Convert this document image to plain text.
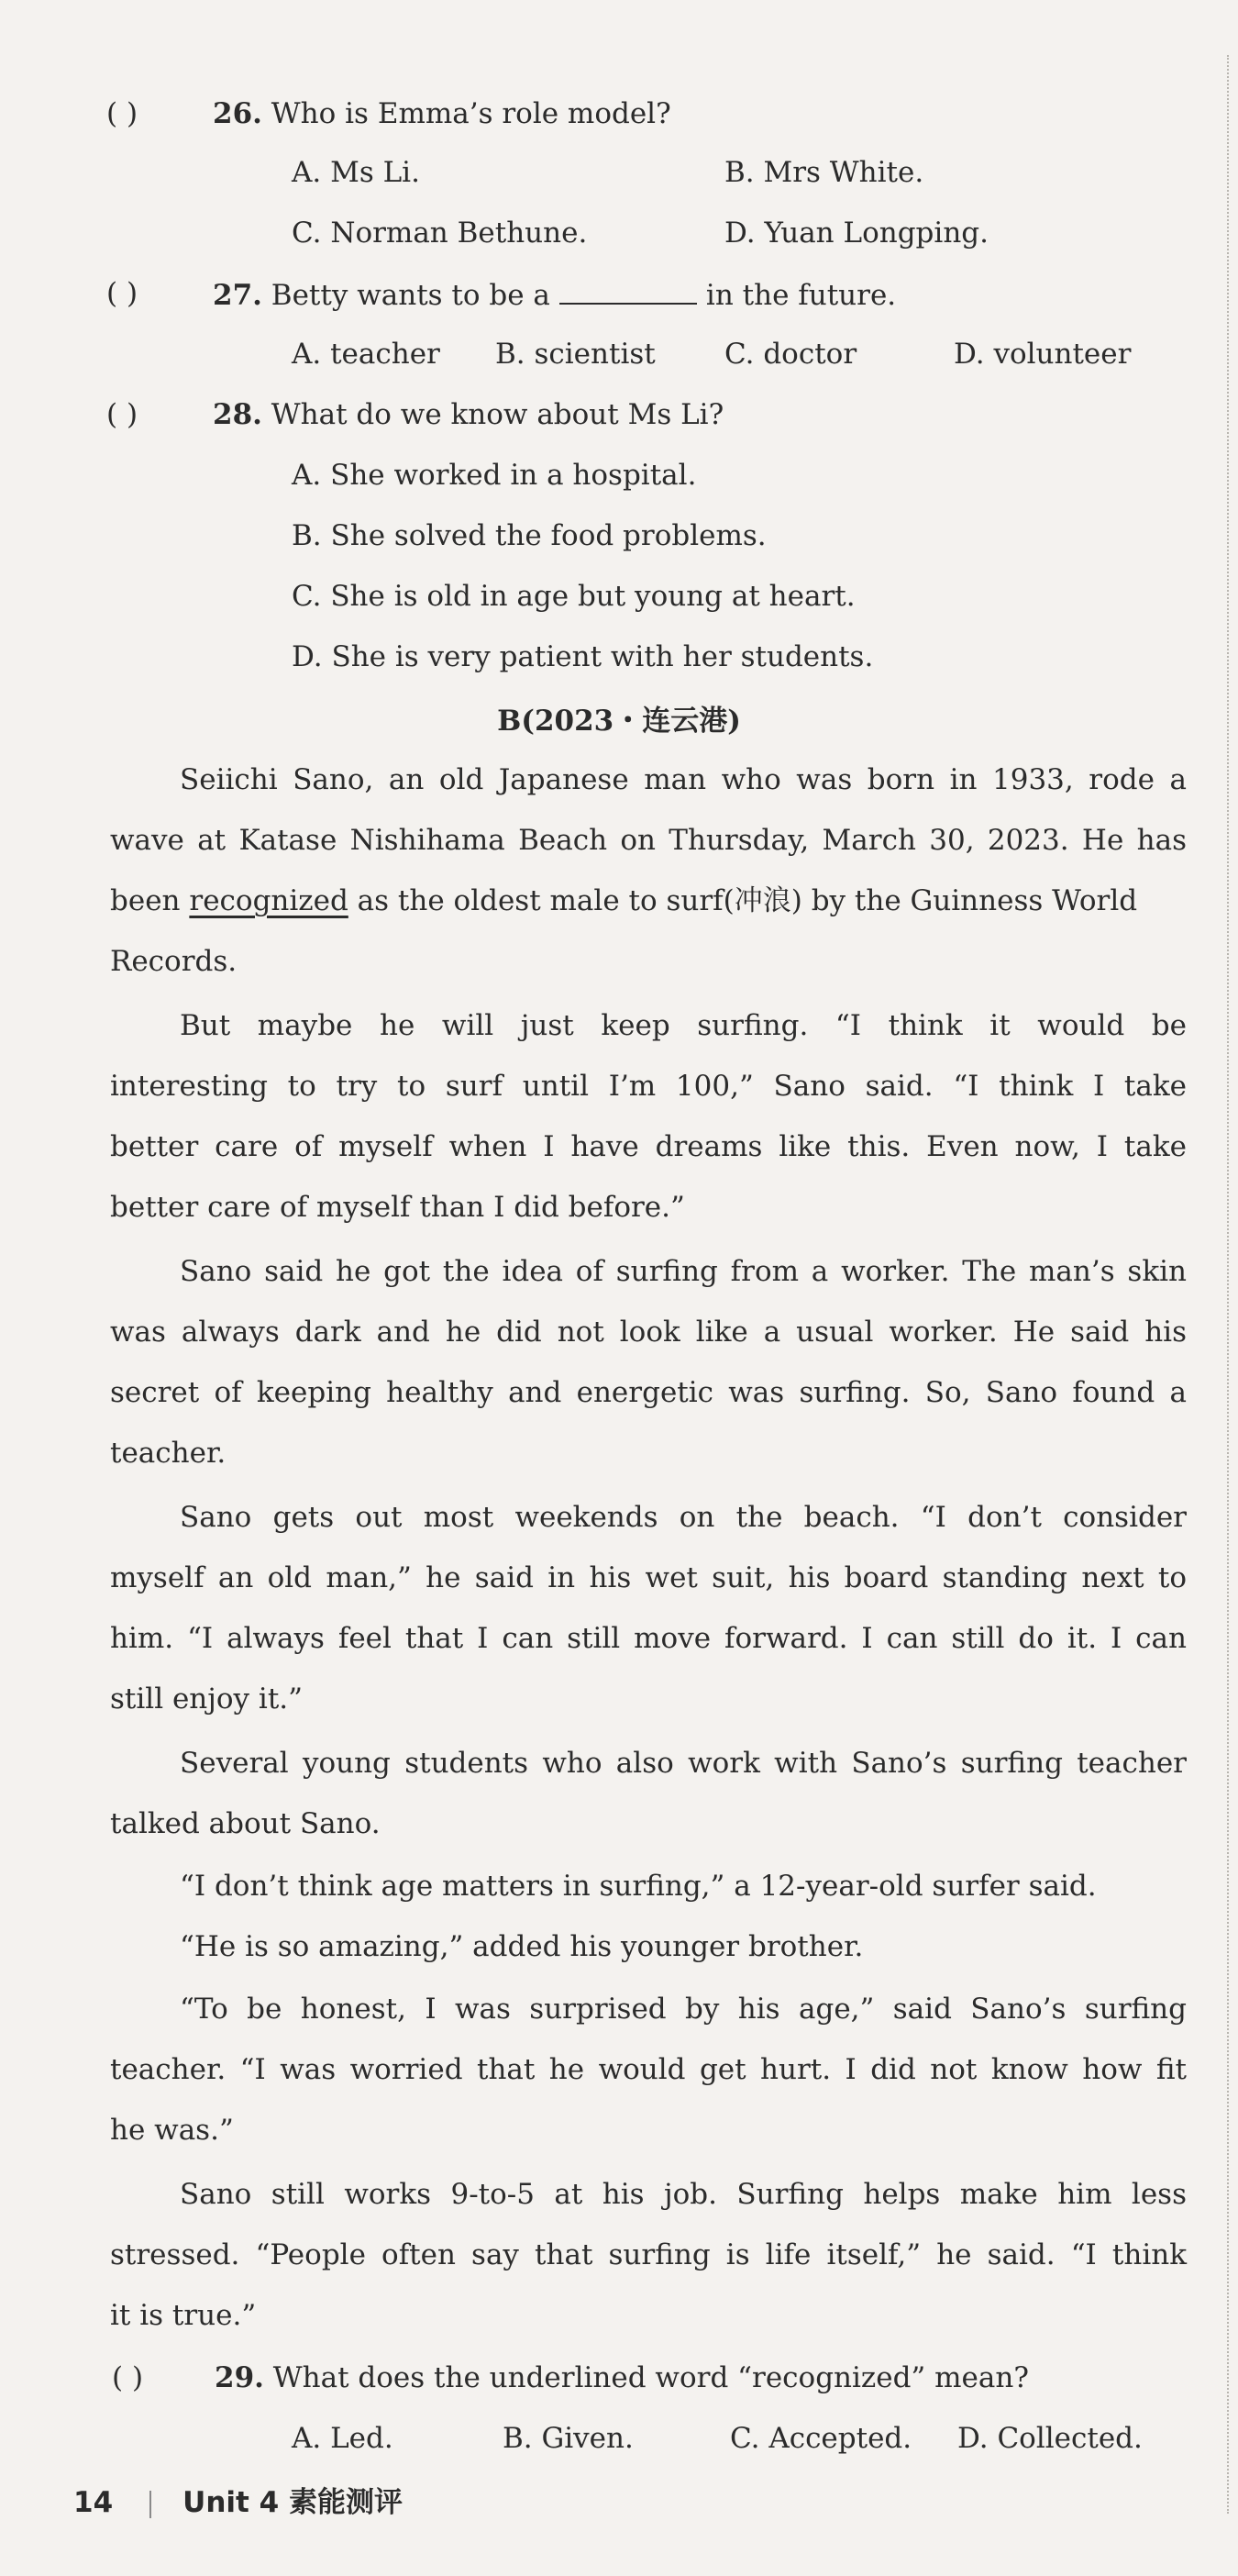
( )	26. Who is Emma’s role model?
A. Ms Li.	B. Mrs White.
C. Norman Bethune.	D. Yuan Longping.
( )	27. Betty wants to be a	in the future.
A. teacher B. scientist C. doctor	D. volunteer
( )	28. What do we know about Ms Li?
A. She worked in a hospital.
B. She solved the food problems.
C. She is old in age but young at heart.
D. She is very patient with her students.
B(2023・连云港)
Seiichi Sano, an old Japanese man who was born in 1933, rode a
wave at Katase Nishihama Beach on Thursday, March 30, 2023. He has
been recognized as the oldest male to surf(冲浪) by the Guinness World
Records.
But maybe he will just keep surfing. “I think it would be
interesting to try to surf until I’m 100,” Sano said. “I think I take
better care of myself when I have dreams like this. Even now, I take
better care of myself than I did before.”
Sano said he got the idea of surfing from a worker. The man’s skin
was always dark and he did not look like a usual worker. He said his
secret of keeping healthy and energetic was surfing. So, Sano found a
teacher.
Sano gets out most weekends on the beach. “I don’t consider
myself an old man,” he said in his wet suit, his board standing next to
him. “I always feel that I can still move forward. I can still do it. I can
still enjoy it.”
Several young students who also work with Sano’s surfing teacher
talked about Sano.
“I don’t think age matters in surfing,” a 12-year-old surfer said.
“He is so amazing,” added his younger brother.
“To be honest, I was surprised by his age,” said Sano’s surfing
teacher. “I was worried that he would get hurt. I did not know how fit
he was.”
Sano still works 9-to-5 at his job. Surfing helps make him less
stressed. “People often say that surfing is life itself,” he said. “I think
it is true.”
( )	29. What does the underlined word “recognized” mean?
A. Led.	B. Given.	C. Accepted. D. Collected.
14 Unit 4 素能测评
